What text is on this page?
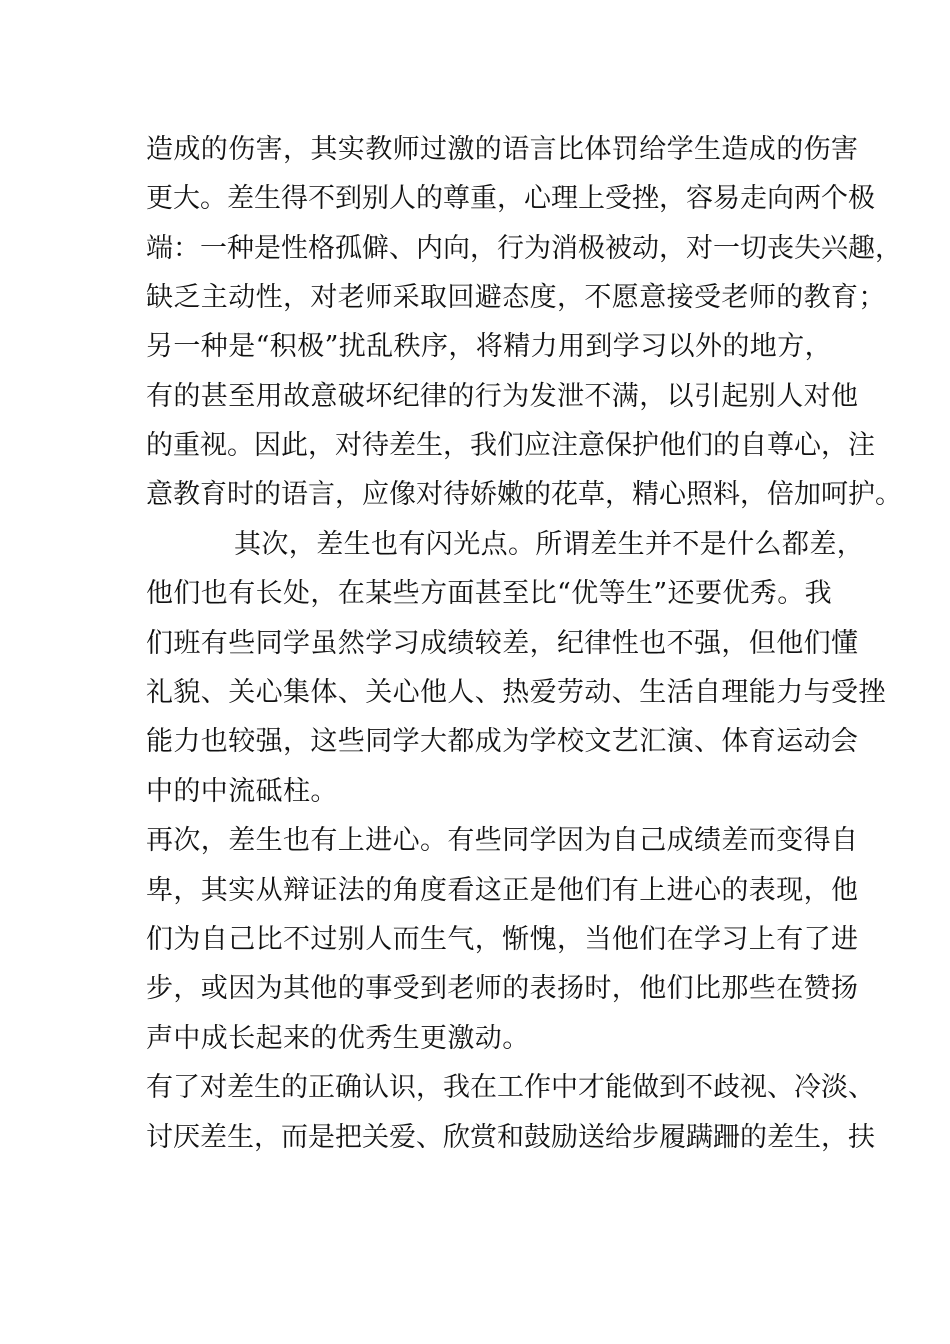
造成的伤害，其实教师过激的语言比体罚给学生造成的伤害
更大。差生得不到别人的尊重，心理上受挫，容易走向两个极
端：一种是性格孤僻、内向，行为消极被动，对一切丧失兴趣，
缺乏主动性，对老师采取回避态度，不愿意接受老师的教育；
另一种是“积极”扰乱秩序，将精力用到学习以外的地方，
有的甚至用故意破坏纪律的行为发泄不满，以引起别人对他
的重视。因此，对待差生，我们应注意保护他们的自尊心，注
意教育时的语言，应像对待娇嫩的花草，精心照料，倍加呵护。
其次，差生也有闪光点。所谓差生并不是什么都差，
他们也有长处，在某些方面甚至比“优等生”还要优秀。我
们班有些同学虽然学习成绩较差，纪律性也不强，但他们懂
礼貌、关心集体、关心他人、热爱劳动、生活自理能力与受挫
能力也较强，这些同学大都成为学校文艺汇演、体育运动会
中的中流砥柱。
再次，差生也有上进心。有些同学因为自己成绩差而变得自
卑，其实从辩证法的角度看这正是他们有上进心的表现，他
们为自己比不过别人而生气，惭愧，当他们在学习上有了进
步，或因为其他的事受到老师的表扬时，他们比那些在赞扬
声中成长起来的优秀生更激动。
有了对差生的正确认识，我在工作中才能做到不歧视、冷淡、
讨厌差生，而是把关爱、欣赏和鼓励送给步履蹒跚的差生，扶
